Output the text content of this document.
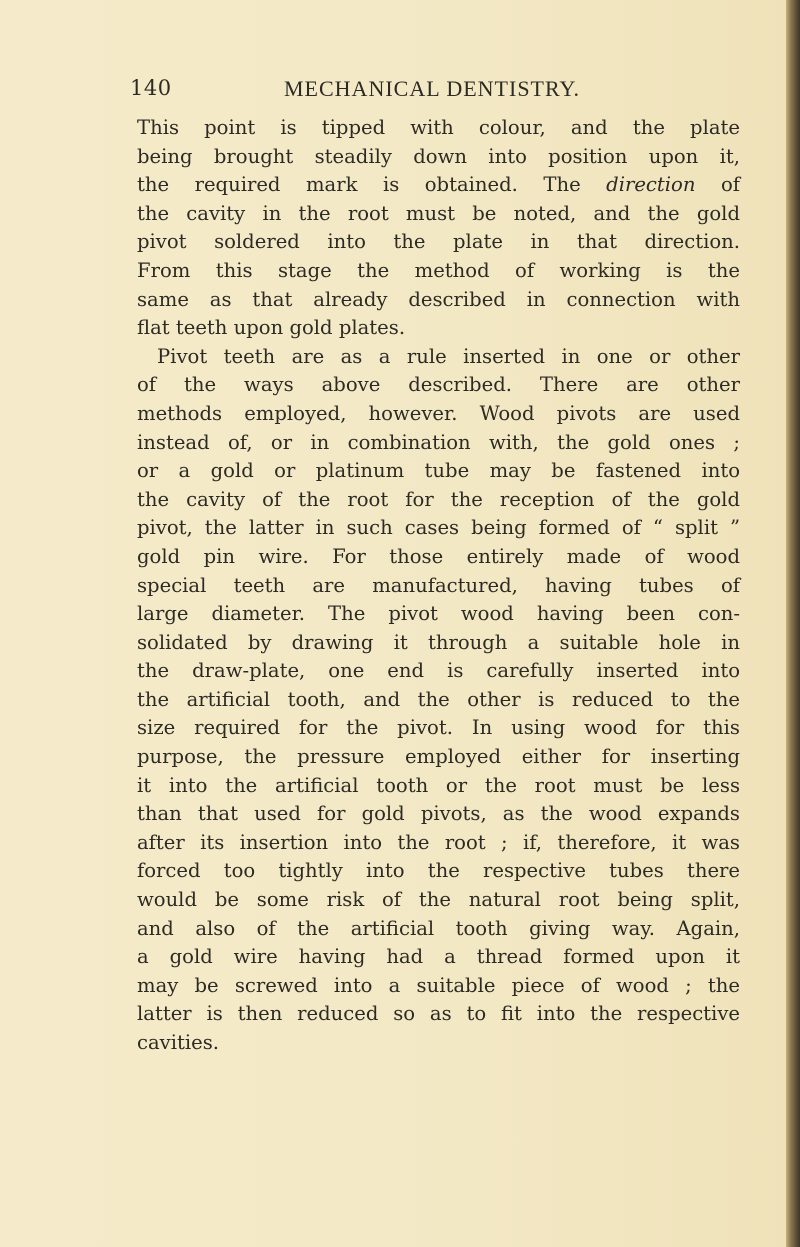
140	MECHANICAL DENTISTRY.
This point is tipped with colour, and the plate
being brought steadily down into position upon it,
the required mark is obtained. The direction of
the cavity in the root must be noted, and the gold
pivot soldered into the plate in that direction.
From this stage the method of working is the
same as that already described in connection with
flat teeth upon gold plates.
Pivot teeth are as a rule inserted in one or other
of the ways above described. There are other
methods employed, however. Wood pivots are used
instead of, or in combination with, the gold ones ;
or a gold or platinum tube may be fastened into
the cavity of the root for the reception of the gold
pivot, the latter in such cases being formed of “ split ”
gold pin wire. For those entirely made of wood
special teeth are manufactured, having tubes of
large diameter. The pivot wood having been con-
solidated by drawing it through a suitable hole in
the draw-plate, one end is carefully inserted into
the artificial tooth, and the other is reduced to the
size required for the pivot. In using wood for this
purpose, the pressure employed either for inserting
it into the artificial tooth or the root must be less
than that used for gold pivots, as the wood expands
after its insertion into the root ; if, therefore, it was
forced too tightly into the respective tubes there
would be some risk of the natural root being split,
and also of the artificial tooth giving way. Again,
a gold wire having had a thread formed upon it
may be screwed into a suitable piece of wood ; the
latter is then reduced so as to fit into the respective
cavities.
